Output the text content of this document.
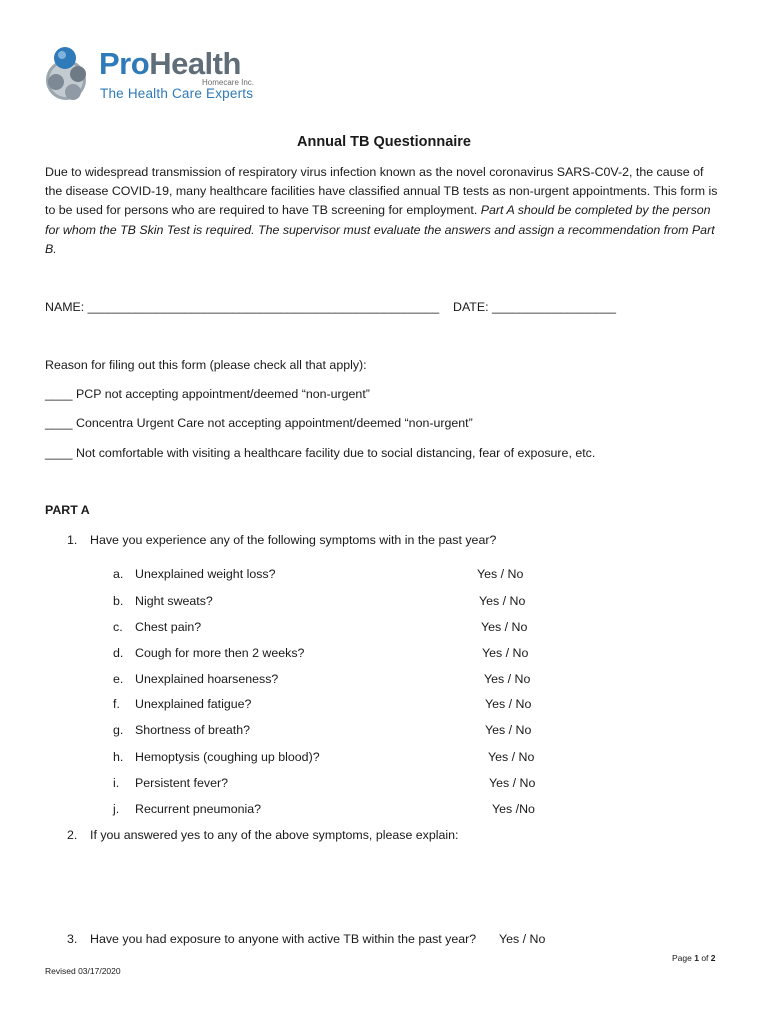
ProHealth
Homecare Inc.
The Health Care Experts
Annual TB Questionnaire
Due to widespread transmission of respiratory virus infection known as the novel coronavirus SARS-C0V-2, the cause of the disease COVID-19, many healthcare facilities have classified annual TB tests as non-urgent appointments. This form is to be used for persons who are required to have TB screening for employment. Part A should be completed by the person for whom the TB Skin Test is required. The supervisor must evaluate the answers and assign a recommendation from Part B.
NAME: ___________________________________________________ DATE: __________________
Reason for filing out this form (please check all that apply):
____ PCP not accepting appointment/deemed “non-urgent”
____ Concentra Urgent Care not accepting appointment/deemed “non-urgent”
____ Not comfortable with visiting a healthcare facility due to social distancing, fear of exposure, etc.
PART A
1. Have you experience any of the following symptoms with in the past year?
a. Unexplained weight loss?	Yes / No
b. Night sweats?	Yes / No
c. Chest pain?	Yes / No
d. Cough for more then 2 weeks?	Yes / No
e. Unexplained hoarseness?	Yes / No
f. Unexplained fatigue?	Yes / No
g. Shortness of breath?	Yes / No
h. Hemoptysis (coughing up blood)?	Yes / No
i. Persistent fever?	Yes / No
j. Recurrent pneumonia?	Yes /No
2. If you answered yes to any of the above symptoms, please explain:
3. Have you had exposure to anyone with active TB within the past year? Yes / No
Page 1 of 2
Revised 03/17/2020
